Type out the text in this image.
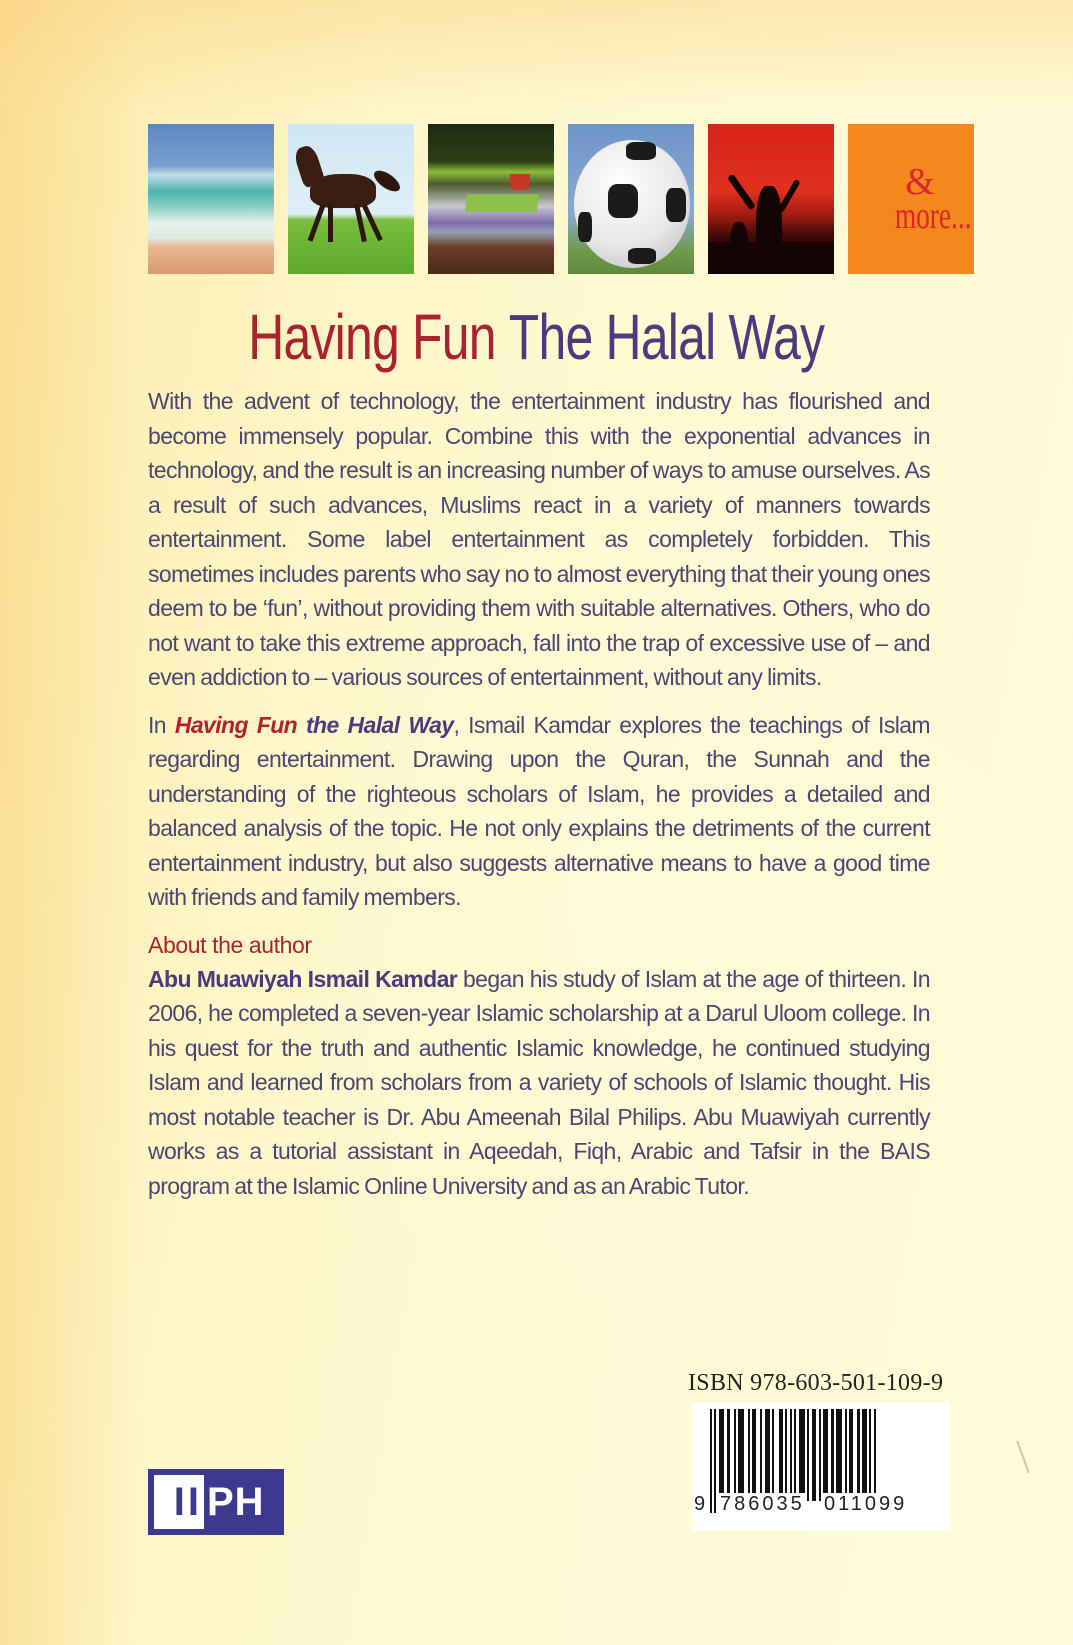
&
more...
Having Fun The Halal Way

With the advent of technology, the entertainment industry has flourished and become immensely popular. Combine this with the exponential advances in technology, and the result is an increasing number of ways to amuse ourselves. As a result of such advances, Muslims react in a variety of manners towards entertainment. Some label entertainment as completely forbidden. This sometimes includes parents who say no to almost everything that their young ones deem to be ‘fun’, without providing them with suitable alternatives. Others, who do not want to take this extreme approach, fall into the trap of excessive use of – and even addiction to – various sources of entertainment, without any limits.

In Having Fun the Halal Way, Ismail Kamdar explores the teachings of Islam regarding entertainment. Drawing upon the Quran, the Sunnah and the understanding of the righteous scholars of Islam, he provides a detailed and balanced analysis of the topic. He not only explains the detriments of the current entertainment industry, but also suggests alternative means to have a good time with friends and family members.

About the author

Abu Muawiyah Ismail Kamdar began his study of Islam at the age of thirteen. In 2006, he completed a seven-year Islamic scholarship at a Darul Uloom college. In his quest for the truth and authentic Islamic knowledge, he continued studying Islam and learned from scholars from a variety of schools of Islamic thought. His most notable teacher is Dr. Abu Ameenah Bilal Philips. Abu Muawiyah currently works as a tutorial assistant in Aqeedah, Fiqh, Arabic and Tafsir in the BAIS program at the Islamic Online University and as an Arabic Tutor.

ISBN 978-603-501-109-9
9 786035 011099
II PH
